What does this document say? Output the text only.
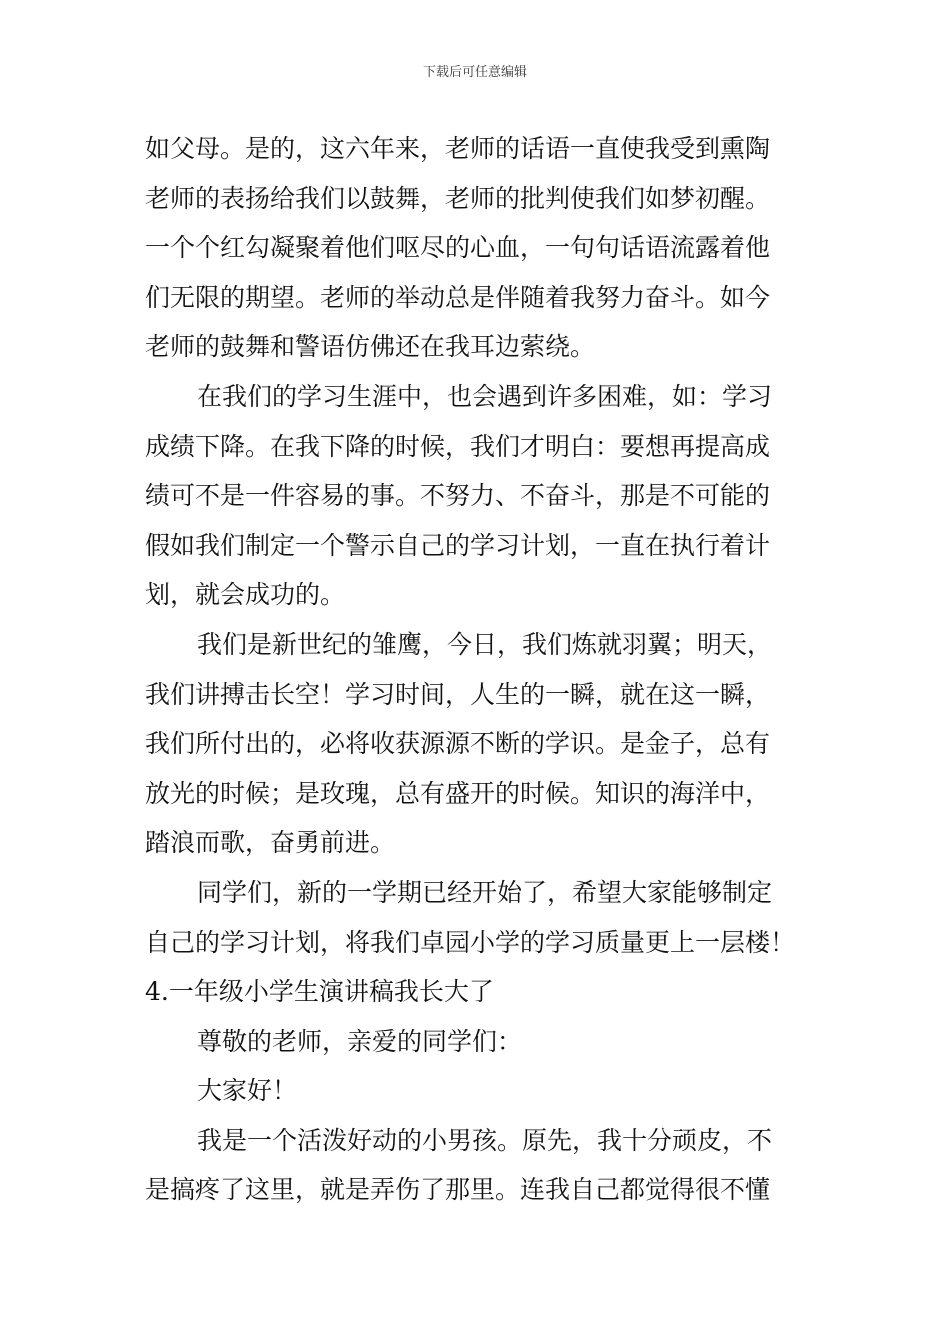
下载后可任意编辑
如父母。是的，这六年来，老师的话语一直使我受到熏陶
老师的表扬给我们以鼓舞，老师的批判使我们如梦初醒。
一个个红勾凝聚着他们呕尽的心血，一句句话语流露着他
们无限的期望。老师的举动总是伴随着我努力奋斗。如今
老师的鼓舞和警语仿佛还在我耳边萦绕。
在我们的学习生涯中，也会遇到许多困难，如：学习
成绩下降。在我下降的时候，我们才明白：要想再提高成
绩可不是一件容易的事。不努力、不奋斗，那是不可能的
假如我们制定一个警示自己的学习计划，一直在执行着计
划，就会成功的。
我们是新世纪的雏鹰，今日，我们炼就羽翼；明天，
我们讲搏击长空！学习时间，人生的一瞬，就在这一瞬，
我们所付出的，必将收获源源不断的学识。是金子，总有
放光的时候；是玫瑰，总有盛开的时候。知识的海洋中，
踏浪而歌，奋勇前进。
同学们，新的一学期已经开始了，希望大家能够制定
自己的学习计划，将我们卓园小学的学习质量更上一层楼！
4.一年级小学生演讲稿我长大了
尊敬的老师，亲爱的同学们：
大家好！
我是一个活泼好动的小男孩。原先，我十分顽皮，不
是搞疼了这里，就是弄伤了那里。连我自己都觉得很不懂
